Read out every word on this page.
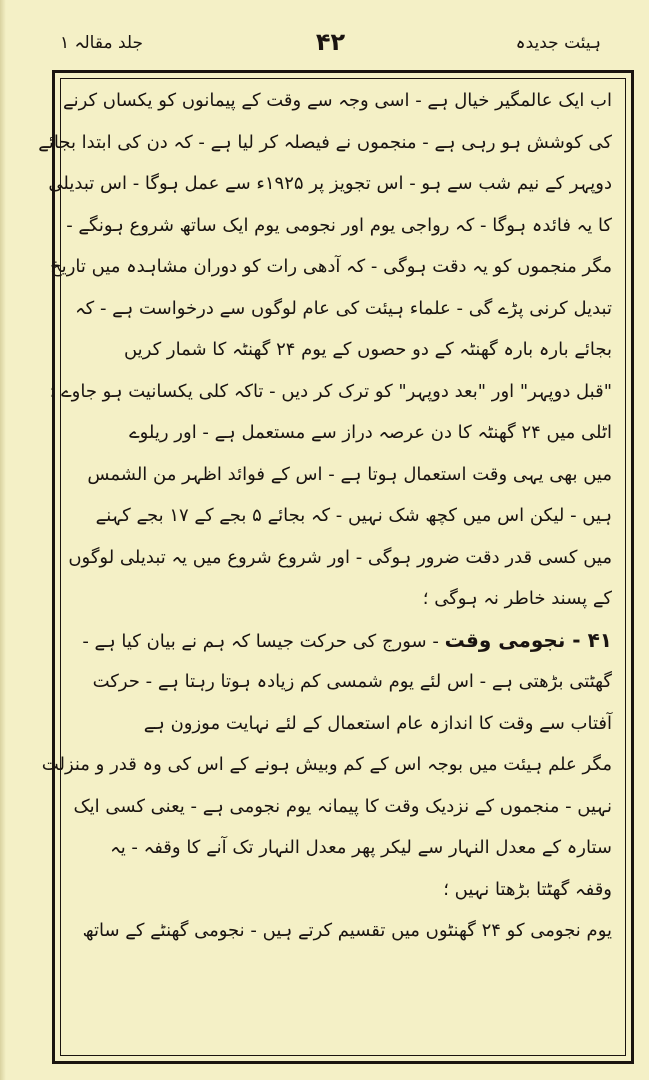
ہیئت جدیدہ
۴۲
جلد مقالہ ۱
اب ایک عالمگیر خیال ہے - اسی وجہ سے وقت کے پیمانوں کو یکساں کرنے
کی کوشش ہو رہی ہے - منجموں نے فیصلہ کر لیا ہے - کہ دن کی ابتدا بجائے
دوپہر کے نیم شب سے ہو - اس تجویز پر ۱۹۲۵ء سے عمل ہوگا - اس تبدیلی
کا یہ فائدہ ہوگا - کہ رواجی یوم اور نجومی یوم ایک ساتھ شروع ہونگے -
مگر منجموں کو یہ دقت ہوگی - کہ آدھی رات کو دوران مشاہدہ میں تاریخ
تبدیل کرنی پڑے گی - علماء ہیئت کی عام لوگوں سے درخواست ہے - کہ
بجائے بارہ بارہ گھنٹہ کے دو حصوں کے یوم ۲۴ گھنٹہ کا شمار کریں
"قبل دوپہر" اور "بعد دوپہر" کو ترک کر دیں - تاکہ کلی یکسانیت ہو جاوے ؛
اٹلی میں ۲۴ گھنٹہ کا دن عرصہ دراز سے مستعمل ہے - اور ریلوے
میں بھی یہی وقت استعمال ہوتا ہے - اس کے فوائد اظہر من الشمس
ہیں - لیکن اس میں کچھ شک نہیں - کہ بجائے ۵ بجے کے ۱۷ بجے کہنے
میں کسی قدر دقت ضرور ہوگی - اور شروع شروع میں یہ تبدیلی لوگوں
کے پسند خاطر نہ ہوگی ؛
۴۱ - نجومی وقت - سورج کی حرکت جیسا کہ ہم نے بیان کیا ہے -
گھٹتی بڑھتی ہے - اس لئے یوم شمسی کم زیادہ ہوتا رہتا ہے - حرکت
آفتاب سے وقت کا اندازہ عام استعمال کے لئے نہایت موزون ہے
مگر علم ہیئت میں بوجہ اس کے کم وبیش ہونے کے اس کی وہ قدر و منزلت
نہیں - منجموں کے نزدیک وقت کا پیمانہ یوم نجومی ہے - یعنی کسی ایک
ستارہ کے معدل النہار سے لیکر پھر معدل النہار تک آنے کا وقفہ - یہ
وقفہ گھٹتا بڑھتا نہیں ؛
یوم نجومی کو ۲۴ گھنٹوں میں تقسیم کرتے ہیں - نجومی گھنٹے کے ساتھ
